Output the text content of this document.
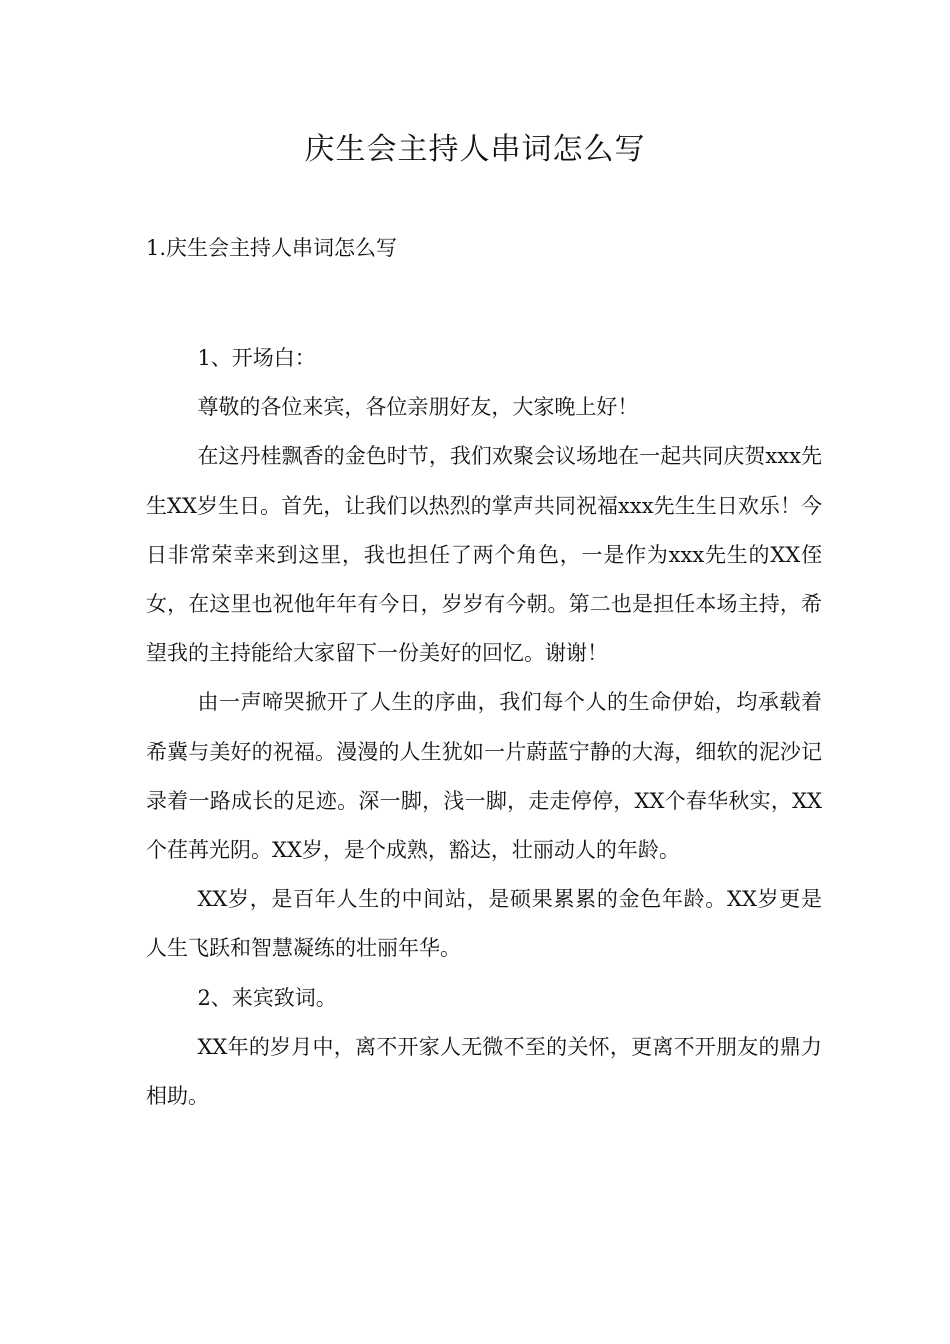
庆生会主持人串词怎么写
1.庆生会主持人串词怎么写

1、开场白：

尊敬的各位来宾，各位亲朋好友，大家晚上好！

在这丹桂飘香的金色时节，我们欢聚会议场地在一起共同庆贺xxx先生XX岁生日。首先，让我们以热烈的掌声共同祝福xxx先生生日欢乐！今日非常荣幸来到这里，我也担任了两个角色，一是作为xxx先生的XX侄女，在这里也祝他年年有今日，岁岁有今朝。第二也是担任本场主持，希望我的主持能给大家留下一份美好的回忆。谢谢！

由一声啼哭掀开了人生的序曲，我们每个人的生命伊始，均承载着希冀与美好的祝福。漫漫的人生犹如一片蔚蓝宁静的大海，细软的泥沙记录着一路成长的足迹。深一脚，浅一脚，走走停停，XX个春华秋实，XX个荏苒光阴。XX岁，是个成熟，豁达，壮丽动人的年龄。

XX岁，是百年人生的中间站，是硕果累累的金色年龄。XX岁更是人生飞跃和智慧凝练的壮丽年华。

2、来宾致词。

XX年的岁月中，离不开家人无微不至的关怀，更离不开朋友的鼎力相助。
